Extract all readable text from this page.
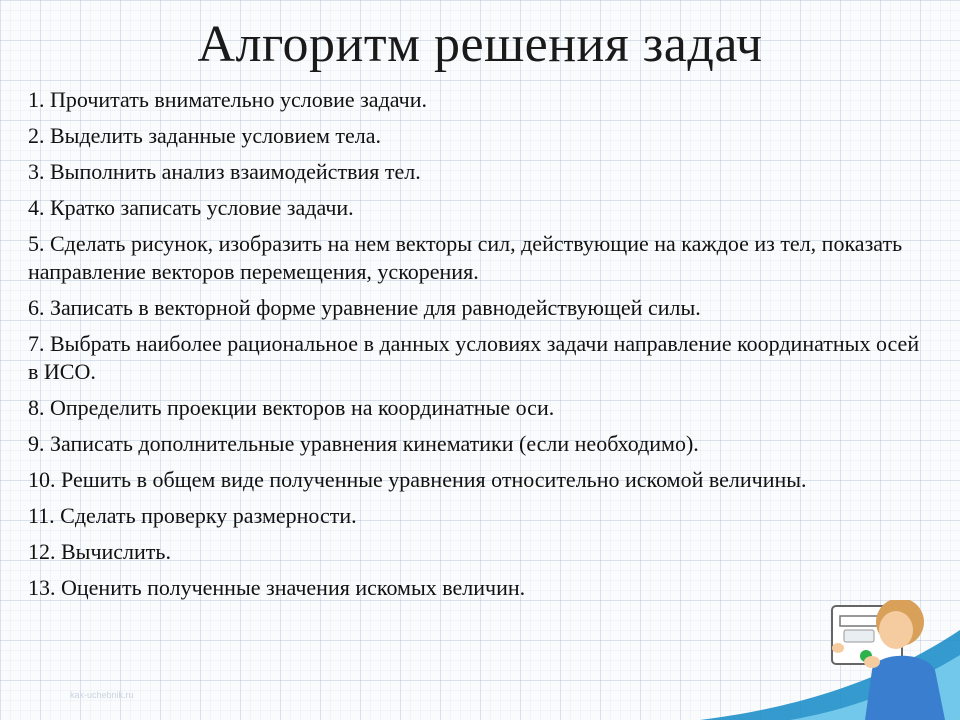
Алгоритм решения задач
1. Прочитать внимательно условие задачи.
2. Выделить заданные условием тела.
3. Выполнить анализ взаимодействия тел.
4. Кратко записать условие задачи.
5. Сделать рисунок, изобразить на нем векторы сил, действующие на каждое из тел, показать направление векторов перемещения, ускорения.
6. Записать в векторной форме уравнение для равнодействующей силы.
7. Выбрать наиболее рациональное в данных условиях задачи направление координатных осей в ИСО.
8. Определить проекции векторов на координатные оси.
9. Записать дополнительные уравнения кинематики (если необходимо).
10. Решить в общем виде полученные уравнения относительно искомой величины.
11. Сделать проверку размерности.
12. Вычислить.
13. Оценить полученные значения искомых величин.
kak-uchebnik.ru
